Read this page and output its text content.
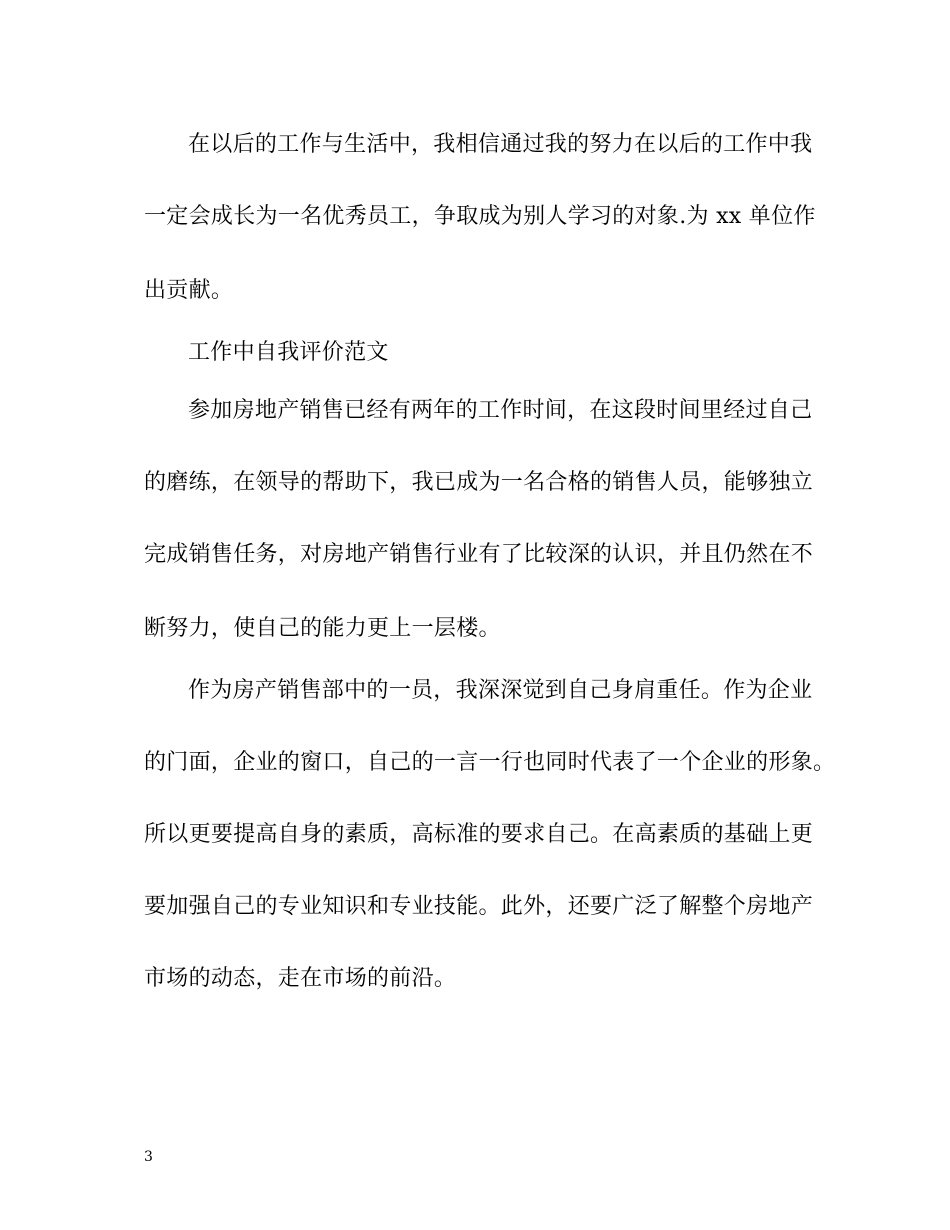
在以后的工作与生活中，我相信通过我的努力在以后的工作中我
一定会成长为一名优秀员工，争取成为别人学习的对象.为 xx 单位作
出贡献。
工作中自我评价范文
参加房地产销售已经有两年的工作时间，在这段时间里经过自己
的磨练，在领导的帮助下，我已成为一名合格的销售人员，能够独立
完成销售任务，对房地产销售行业有了比较深的认识，并且仍然在不
断努力，使自己的能力更上一层楼。
作为房产销售部中的一员，我深深觉到自己身肩重任。作为企业
的门面，企业的窗口，自己的一言一行也同时代表了一个企业的形象。
所以更要提高自身的素质，高标准的要求自己。在高素质的基础上更
要加强自己的专业知识和专业技能。此外，还要广泛了解整个房地产
市场的动态，走在市场的前沿。
3
